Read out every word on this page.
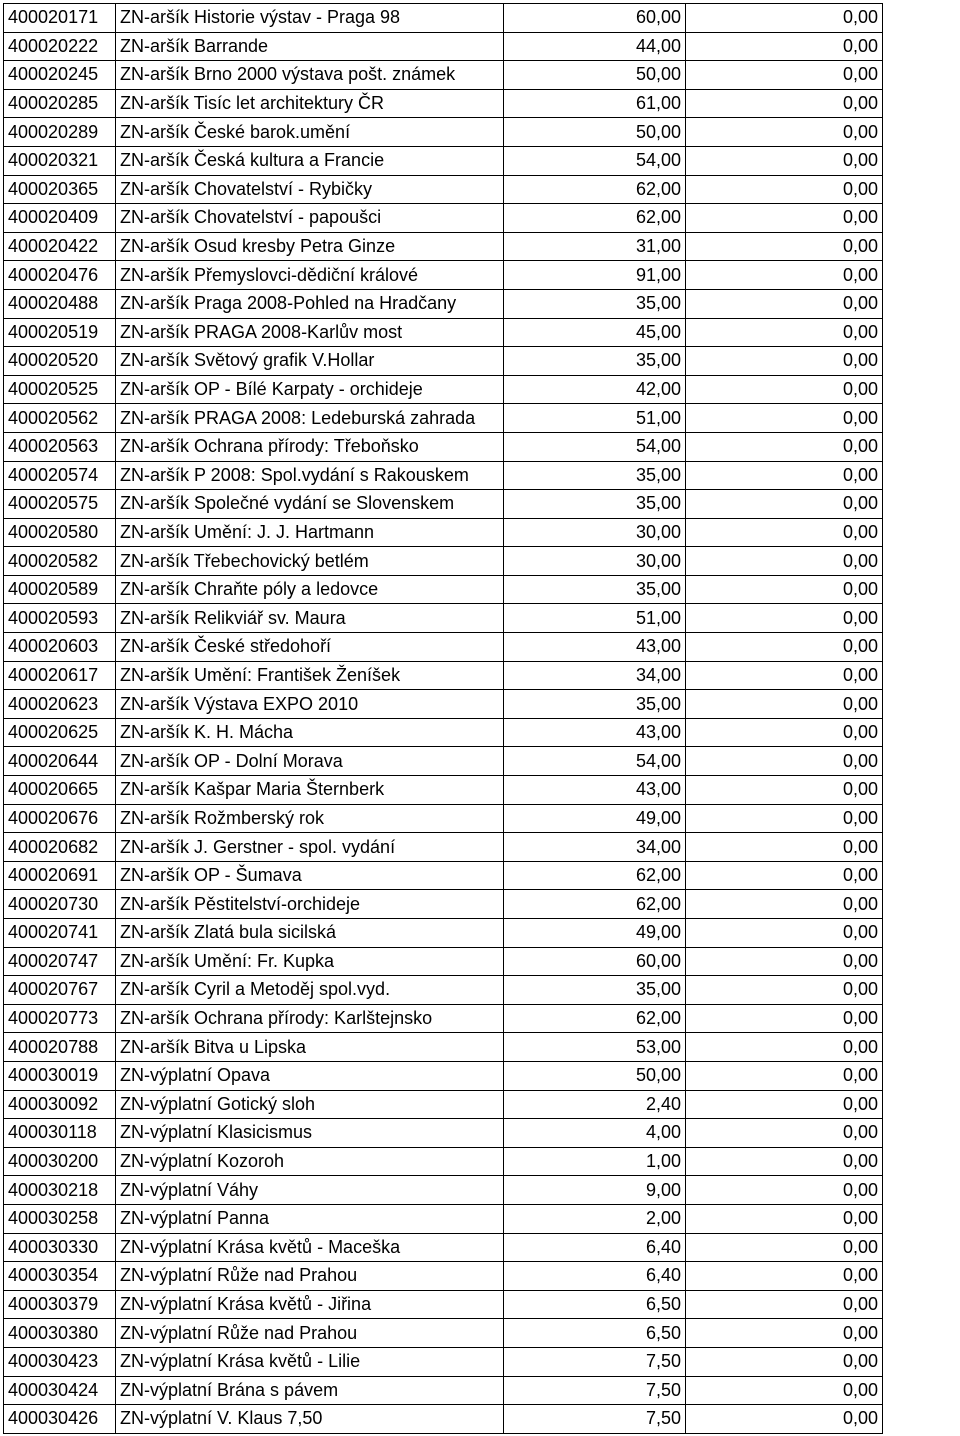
400020171	ZN-aršík Historie výstav - Praga 98	60,00	0,00
400020222	ZN-aršík Barrande	44,00	0,00
400020245	ZN-aršík Brno 2000 výstava pošt. známek	50,00	0,00
400020285	ZN-aršík Tisíc let architektury ČR	61,00	0,00
400020289	ZN-aršík České barok.umění	50,00	0,00
400020321	ZN-aršík Česká kultura a Francie	54,00	0,00
400020365	ZN-aršík Chovatelství - Rybičky	62,00	0,00
400020409	ZN-aršík Chovatelství - papoušci	62,00	0,00
400020422	ZN-aršík Osud kresby Petra Ginze	31,00	0,00
400020476	ZN-aršík Přemyslovci-dědiční králové	91,00	0,00
400020488	ZN-aršík Praga 2008-Pohled na Hradčany	35,00	0,00
400020519	ZN-aršík PRAGA 2008-Karlův most	45,00	0,00
400020520	ZN-aršík Světový grafik V.Hollar	35,00	0,00
400020525	ZN-aršík OP - Bílé Karpaty - orchideje	42,00	0,00
400020562	ZN-aršík PRAGA 2008: Ledeburská zahrada	51,00	0,00
400020563	ZN-aršík Ochrana přírody: Třeboňsko	54,00	0,00
400020574	ZN-aršík P 2008: Spol.vydání s Rakouskem	35,00	0,00
400020575	ZN-aršík Společné vydání se Slovenskem	35,00	0,00
400020580	ZN-aršík Umění: J. J. Hartmann	30,00	0,00
400020582	ZN-aršík Třebechovický betlém	30,00	0,00
400020589	ZN-aršík Chraňte póly a ledovce	35,00	0,00
400020593	ZN-aršík Relikviář sv. Maura	51,00	0,00
400020603	ZN-aršík České středohoří	43,00	0,00
400020617	ZN-aršík Umění: František Ženíšek	34,00	0,00
400020623	ZN-aršík Výstava EXPO 2010	35,00	0,00
400020625	ZN-aršík K. H. Mácha	43,00	0,00
400020644	ZN-aršík OP - Dolní Morava	54,00	0,00
400020665	ZN-aršík Kašpar Maria Šternberk	43,00	0,00
400020676	ZN-aršík Rožmberský rok	49,00	0,00
400020682	ZN-aršík J. Gerstner - spol. vydání	34,00	0,00
400020691	ZN-aršík OP - Šumava	62,00	0,00
400020730	ZN-aršík Pěstitelství-orchideje	62,00	0,00
400020741	ZN-aršík Zlatá bula sicilská	49,00	0,00
400020747	ZN-aršík Umění: Fr. Kupka	60,00	0,00
400020767	ZN-aršík Cyril a Metoděj spol.vyd.	35,00	0,00
400020773	ZN-aršík Ochrana přírody: Karlštejnsko	62,00	0,00
400020788	ZN-aršík Bitva u Lipska	53,00	0,00
400030019	ZN-výplatní Opava	50,00	0,00
400030092	ZN-výplatní Gotický sloh	2,40	0,00
400030118	ZN-výplatní Klasicismus	4,00	0,00
400030200	ZN-výplatní Kozoroh	1,00	0,00
400030218	ZN-výplatní Váhy	9,00	0,00
400030258	ZN-výplatní Panna	2,00	0,00
400030330	ZN-výplatní Krása květů - Maceška	6,40	0,00
400030354	ZN-výplatní Růže nad Prahou	6,40	0,00
400030379	ZN-výplatní Krása květů - Jiřina	6,50	0,00
400030380	ZN-výplatní Růže nad Prahou	6,50	0,00
400030423	ZN-výplatní Krása květů - Lilie	7,50	0,00
400030424	ZN-výplatní Brána s pávem	7,50	0,00
400030426	ZN-výplatní V. Klaus 7,50	7,50	0,00
